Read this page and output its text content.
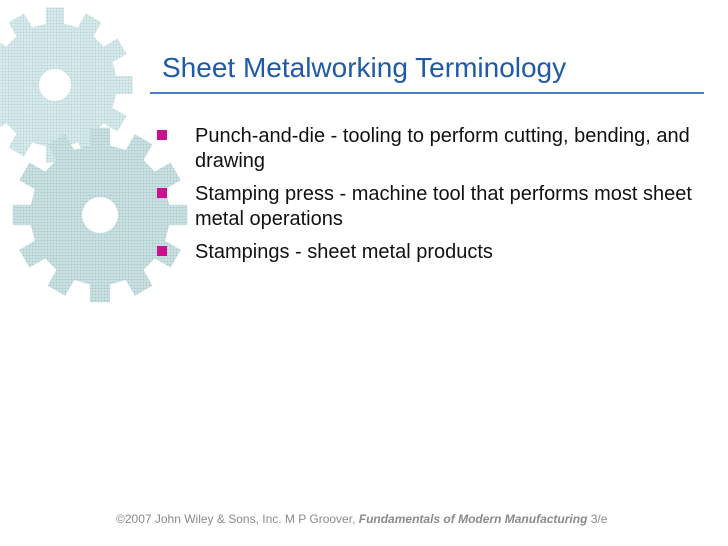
Sheet Metalworking Terminology
Punch-and-die - tooling to perform cutting, bending, and drawing
Stamping press - machine tool that performs most sheet metal operations
Stampings - sheet metal products
©2007 John Wiley & Sons, Inc. M P Groover, Fundamentals of Modern Manufacturing 3/e
